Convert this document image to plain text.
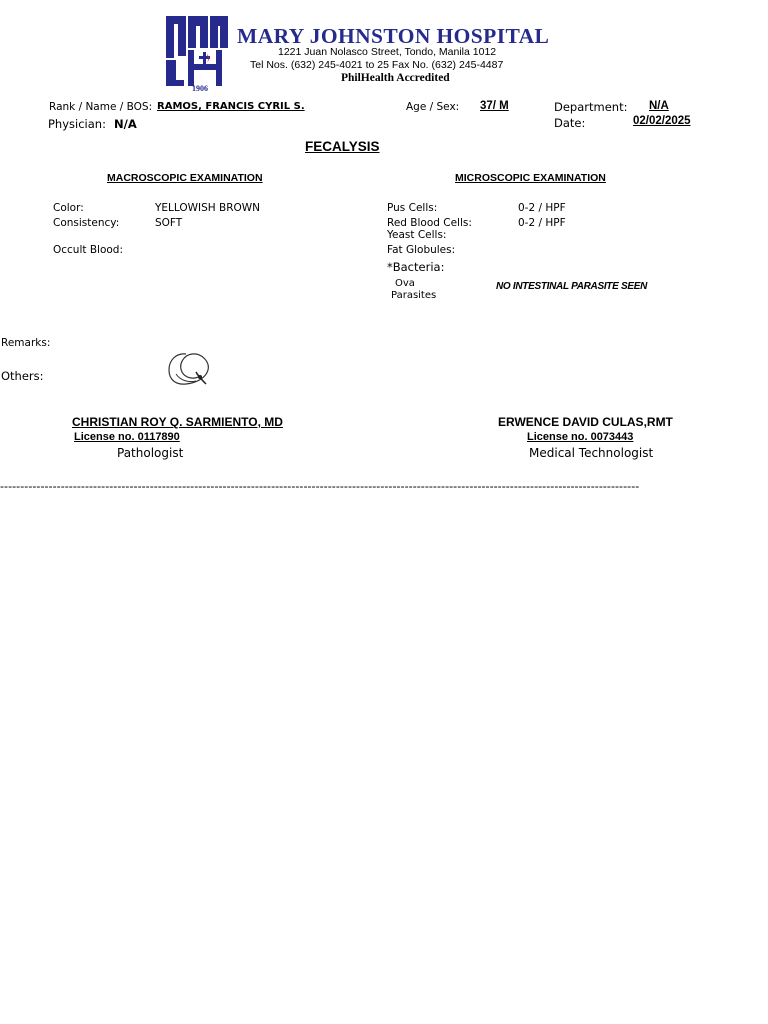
1906
MARY JOHNSTON HOSPITAL
1221 Juan Nolasco Street, Tondo, Manila 1012
Tel Nos. (632) 245-4021 to 25 Fax No. (632) 245-4487
PhilHealth Accredited
Rank / Name / BOS: RAMOS, FRANCIS CYRIL S.	Age / Sex: 37/ M	Department: N/A
Physician: N/A	Date:	02/02/2025
FECALYSIS
MACROSCOPIC EXAMINATION
Color:	YELLOWISH BROWN
Consistency:	SOFT
Occult Blood:
MICROSCOPIC EXAMINATION
Pus Cells:	0-2 / HPF
Red Blood Cells:	0-2 / HPF
Yeast Cells:
Fat Globules:
*Bacteria:
Ova
Parasites
NO INTESTINAL PARASITE SEEN
Remarks:
Others:
CHRISTIAN ROY Q. SARMIENTO, MD
License no. 0117890
Pathologist
ERWENCE DAVID CULAS,RMT
License no. 0073443
Medical Technologist
--------------------------------------------------------------------------------------------------------------------------------------------------------------
